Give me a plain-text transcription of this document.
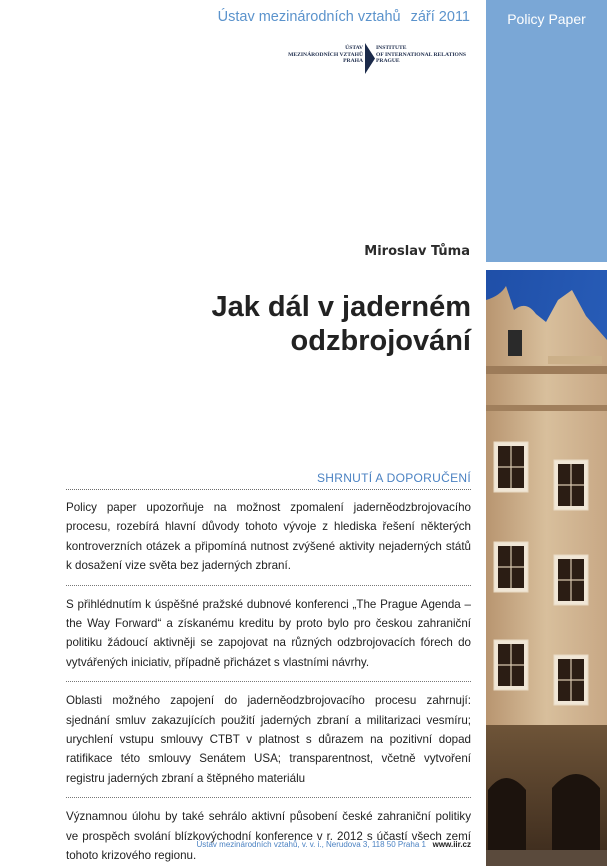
Ústav mezinárodních vztahů září 2011
ÚSTAV
MEZINÁRODNÍCH VZTAHŮ
PRAHA
INSTITUTE
OF INTERNATIONAL RELATIONS
PRAGUE
Policy Paper
Miroslav Tůma
Jak dál v jaderném
odzbrojování
SHRNUTÍ A DOPORUČENÍ

Policy paper upozorňuje na možnost zpomalení jaderněodzbrojovacího procesu, rozebírá hlavní důvody tohoto vývoje z hlediska řešení některých kontroverzních otázek a připomíná nutnost zvýšené aktivity nejaderných států k dosažení vize světa bez jaderných zbraní.

S přihlédnutím k úspěšné pražské dubnové konferenci „The Prague Agenda – the Way Forward“ a získanému kreditu by proto bylo pro českou zahraniční politiku žádoucí aktivněji se zapojovat na různých odzbrojovacích fórech do vytvářených iniciativ, případně přicházet s vlastními návrhy.

Oblasti možného zapojení do jaderněodzbrojovacího procesu zahrnují: sjednání smluv zakazujících použití jaderných zbraní a militarizaci vesmíru; urychlení vstupu smlouvy CTBT v platnost s důrazem na pozitivní dopad ratifikace této smlouvy Senátem USA; transparentnost, včetně vytvoření registru jaderných zbraní a štěpného materiálu

Významnou úlohu by také sehrálo aktivní působení české zahraniční politiky ve prospěch svolání blízkovýchodní konference v r. 2012 s účastí všech zemí tohoto krizového regionu.

Ústav mezinárodních vztahů, v. v. i., Nerudova 3, 118 50 Praha 1 www.iir.cz
